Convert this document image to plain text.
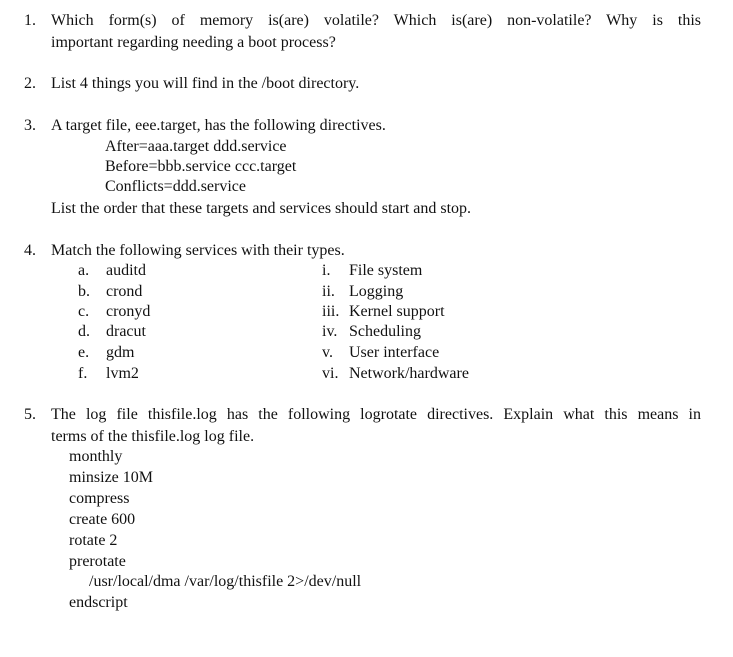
1. Which form(s) of memory is(are) volatile? Which is(are) non-volatile? Why is this
important regarding needing a boot process?
2. List 4 things you will find in the /boot directory.
3. A target file, eee.target, has the following directives.
After=aaa.target ddd.service
Before=bbb.service ccc.target
Conflicts=ddd.service
List the order that these targets and services should start and stop.
4. Match the following services with their types.
a. auditd
b. crond
c. cronyd
d. dracut
e. gdm
f. lvm2
i. File system
ii. Logging
iii. Kernel support
iv. Scheduling
v. User interface
vi. Network/hardware
5. The log file thisfile.log has the following logrotate directives. Explain what this means in
terms of the thisfile.log log file.
monthly
minsize 10M
compress
create 600
rotate 2
prerotate
/usr/local/dma /var/log/thisfile 2>/dev/null
endscript
